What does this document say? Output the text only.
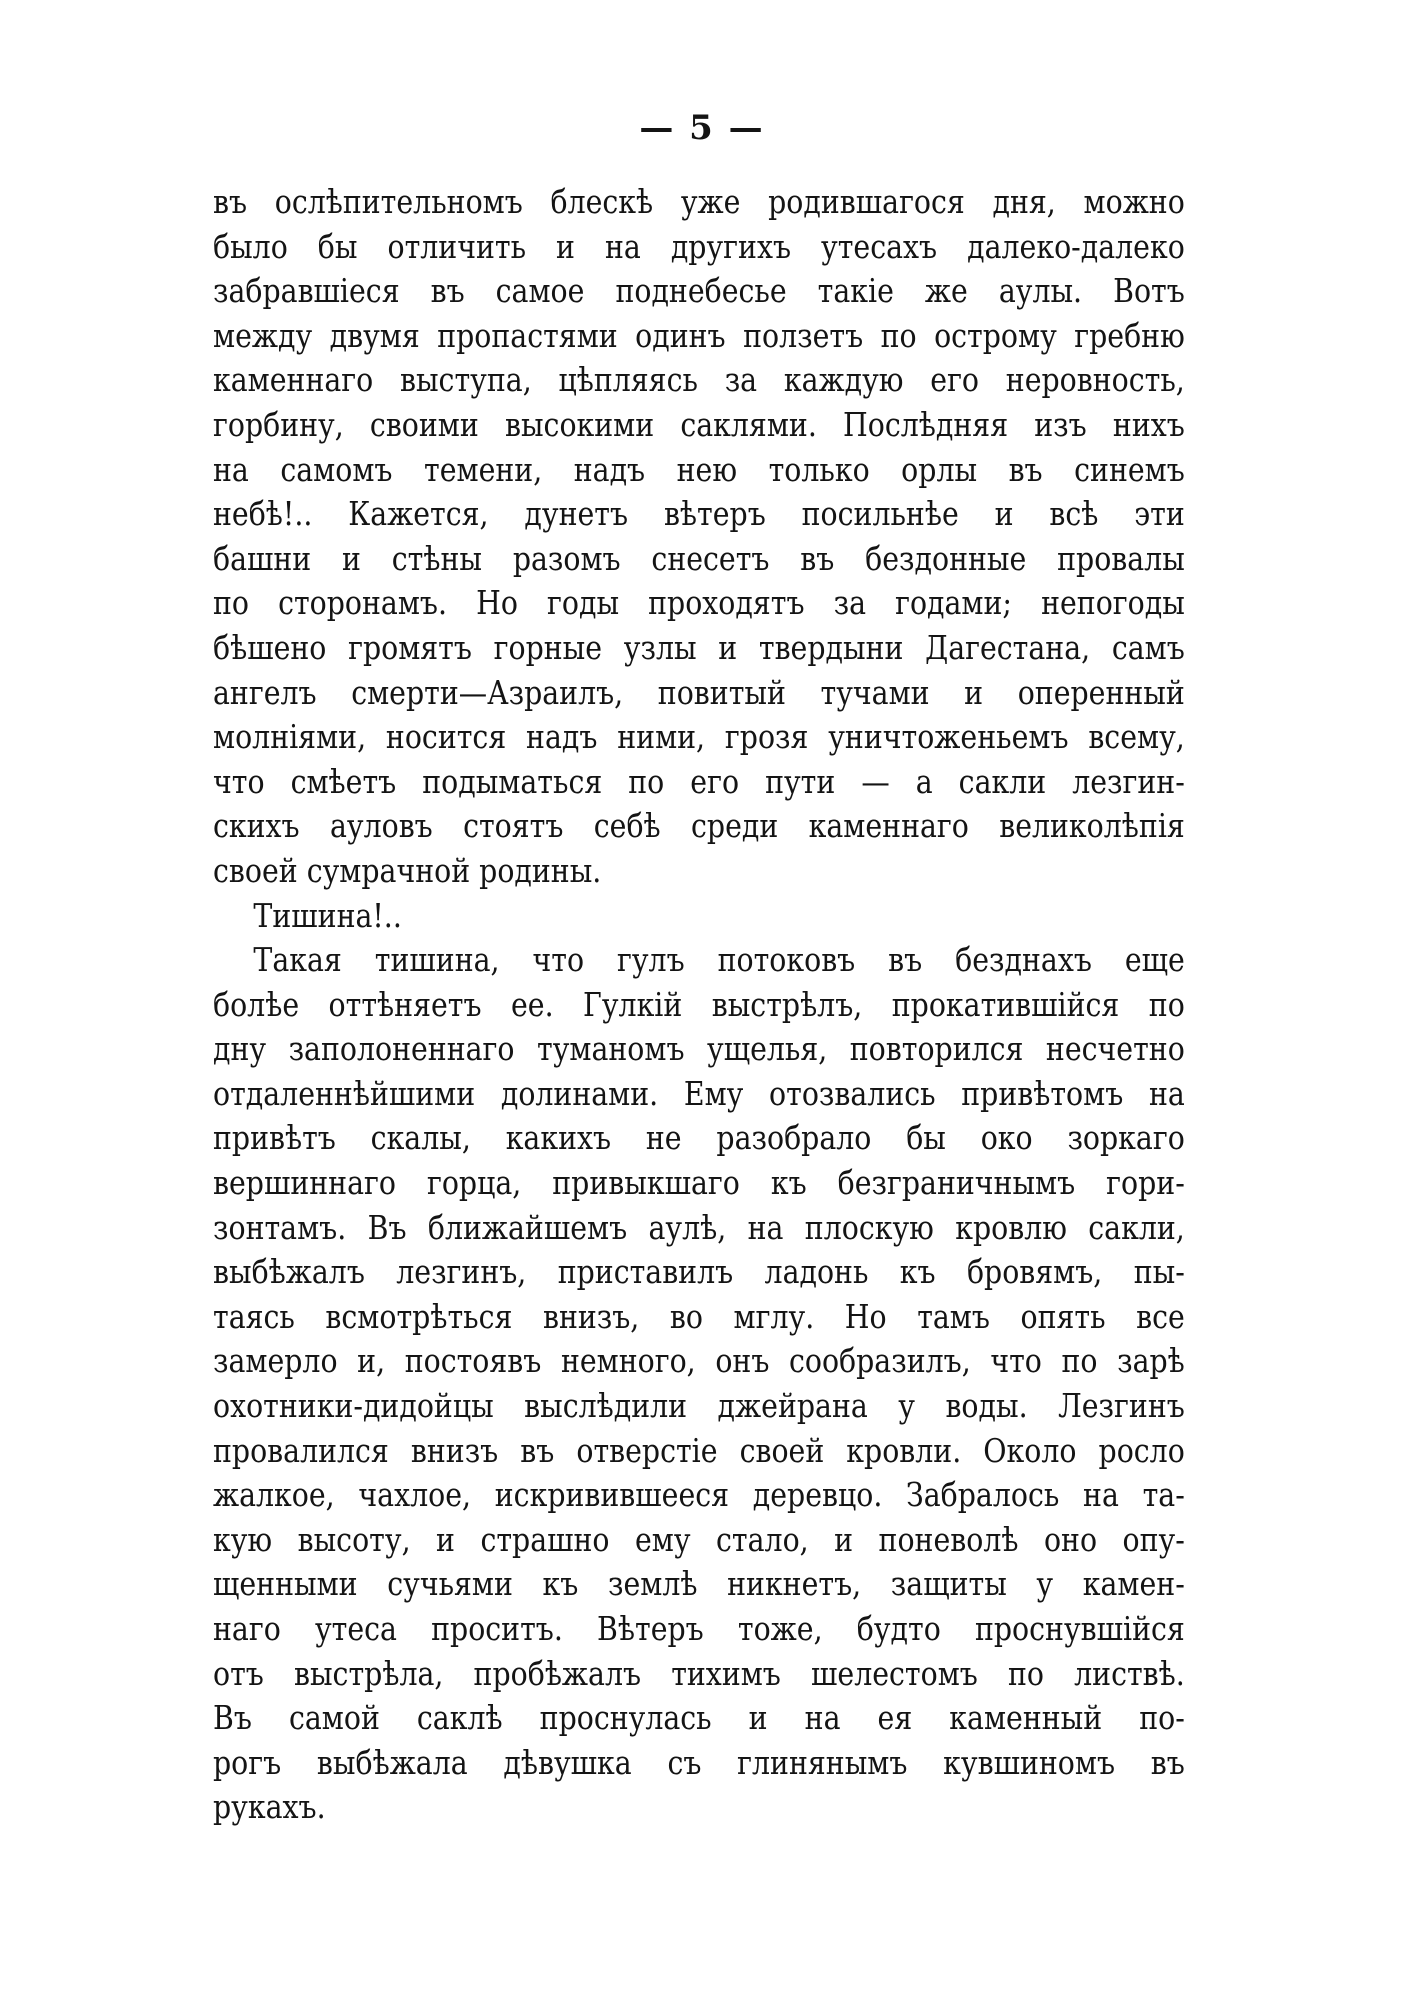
— 5 —
въ ослѣпительномъ блескѣ уже родившагося дня, можно
было бы отличить и на другихъ утесахъ далеко-далеко
забравшіеся въ самое поднебесье такіе же аулы. Вотъ
между двумя пропастями одинъ ползетъ по острому гребню
каменнаго выступа, цѣпляясь за каждую его неровность,
горбину, своими высокими саклями. Послѣдняя изъ нихъ
на самомъ темени, надъ нею только орлы въ синемъ
небѣ!.. Кажется, дунетъ вѣтеръ посильнѣе и всѣ эти
башни и стѣны разомъ снесетъ въ бездонные провалы
по сторонамъ. Но годы проходятъ за годами; непогоды
бѣшено громятъ горные узлы и твердыни Дагестана, самъ
ангелъ смерти—Азраилъ, повитый тучами и оперенный
молніями, носится надъ ними, грозя уничтоженьемъ всему,
что смѣетъ подыматься по его пути — а сакли лезгин-
скихъ ауловъ стоятъ себѣ среди каменнаго великолѣпія
своей сумрачной родины.
Тишина!..
Такая тишина, что гулъ потоковъ въ безднахъ еще
болѣе оттѣняетъ ее. Гулкій выстрѣлъ, прокатившійся по
дну заполоненнаго туманомъ ущелья, повторился несчетно
отдаленнѣйшими долинами. Ему отозвались привѣтомъ на
привѣтъ скалы, какихъ не разобрало бы око зоркаго
вершиннаго горца, привыкшаго къ безграничнымъ гори-
зонтамъ. Въ ближайшемъ аулѣ, на плоскую кровлю сакли,
выбѣжалъ лезгинъ, приставилъ ладонь къ бровямъ, пы-
таясь всмотрѣться внизъ, во мглу. Но тамъ опять все
замерло и, постоявъ немного, онъ сообразилъ, что по зарѣ
охотники-дидойцы выслѣдили джейрана у воды. Лезгинъ
провалился внизъ въ отверстіе своей кровли. Около росло
жалкое, чахлое, искривившееся деревцо. Забралось на та-
кую высоту, и страшно ему стало, и поневолѣ оно опу-
щенными сучьями къ землѣ никнетъ, защиты у камен-
наго утеса проситъ. Вѣтеръ тоже, будто проснувшійся
отъ выстрѣла, пробѣжалъ тихимъ шелестомъ по листвѣ.
Въ самой саклѣ проснулась и на ея каменный по-
рогъ выбѣжала дѣвушка съ глинянымъ кувшиномъ въ
рукахъ.
